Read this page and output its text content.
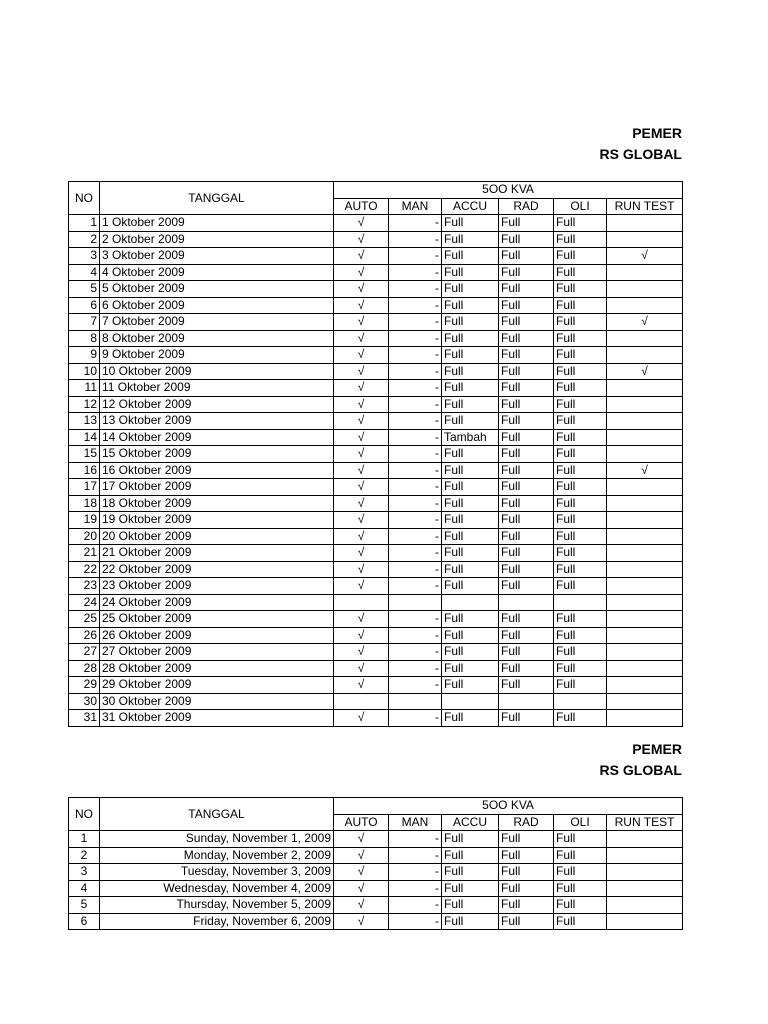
PEMER
RS GLOBAL
NO	TANGGAL	5OO KVA					
		AUTO	MAN	ACCU	RAD	OLI	RUN TEST
1	1 Oktober 2009	√	-	Full	Full	Full	
2	2 Oktober 2009	√	-	Full	Full	Full	
3	3 Oktober 2009	√	-	Full	Full	Full	√
4	4 Oktober 2009	√	-	Full	Full	Full	
5	5 Oktober 2009	√	-	Full	Full	Full	
6	6 Oktober 2009	√	-	Full	Full	Full	
7	7 Oktober 2009	√	-	Full	Full	Full	√
8	8 Oktober 2009	√	-	Full	Full	Full	
9	9 Oktober 2009	√	-	Full	Full	Full	
10	10 Oktober 2009	√	-	Full	Full	Full	√
11	11 Oktober 2009	√	-	Full	Full	Full	
12	12 Oktober 2009	√	-	Full	Full	Full	
13	13 Oktober 2009	√	-	Full	Full	Full	
14	14 Oktober 2009	√	-	Tambah	Full	Full	
15	15 Oktober 2009	√	-	Full	Full	Full	
16	16 Oktober 2009	√	-	Full	Full	Full	√
17	17 Oktober 2009	√	-	Full	Full	Full	
18	18 Oktober 2009	√	-	Full	Full	Full	
19	19 Oktober 2009	√	-	Full	Full	Full	
20	20 Oktober 2009	√	-	Full	Full	Full	
21	21 Oktober 2009	√	-	Full	Full	Full	
22	22 Oktober 2009	√	-	Full	Full	Full	
23	23 Oktober 2009	√	-	Full	Full	Full	
24	24 Oktober 2009						
25	25 Oktober 2009	√	-	Full	Full	Full	
26	26 Oktober 2009	√	-	Full	Full	Full	
27	27 Oktober 2009	√	-	Full	Full	Full	
28	28 Oktober 2009	√	-	Full	Full	Full	
29	29 Oktober 2009	√	-	Full	Full	Full	
30	30 Oktober 2009						
31	31 Oktober 2009	√	-	Full	Full	Full	
PEMER
RS GLOBAL
NO	TANGGAL	5OO KVA					
		AUTO	MAN	ACCU	RAD	OLI	RUN TEST
1	Sunday, November 1, 2009	√	-	Full	Full	Full	
2	Monday, November 2, 2009	√	-	Full	Full	Full	
3	Tuesday, November 3, 2009	√	-	Full	Full	Full	
4	Wednesday, November 4, 2009	√	-	Full	Full	Full	
5	Thursday, November 5, 2009	√	-	Full	Full	Full	
6	Friday, November 6, 2009	√	-	Full	Full	Full	
